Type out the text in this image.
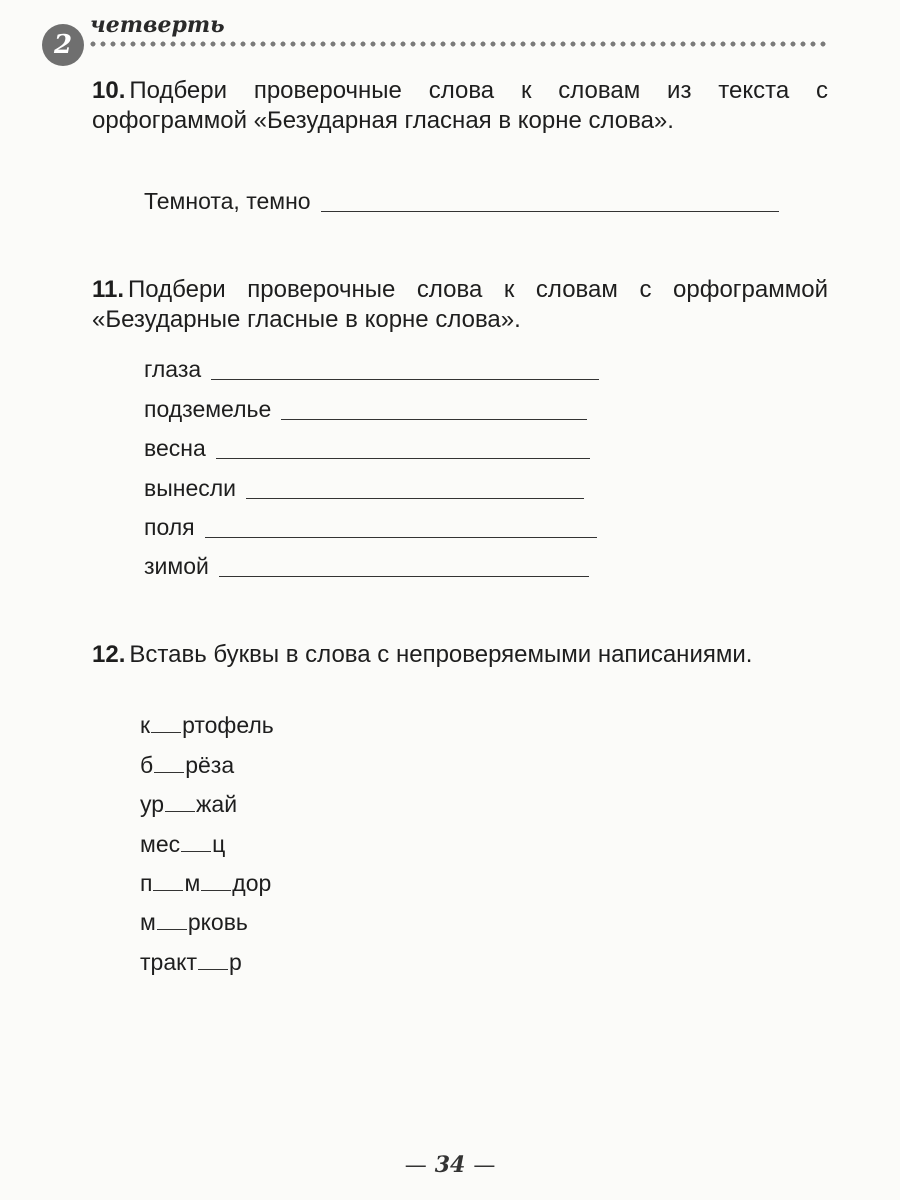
2
четверть
10. Подбери проверочные слова к словам из текста с орфограммой «Безударная гласная в корне слова».
Темнота, темно
11. Подбери проверочные слова к словам с орфограммой «Безударные гласные в корне слова».
глаза
подземелье
весна
вынесли
поля
зимой
12. Вставь буквы в слова с непроверяемыми написаниями.
к ртофель
б рёза
ур жай
мес ц
п м дор
м рковь
тракт р
— 34 —
